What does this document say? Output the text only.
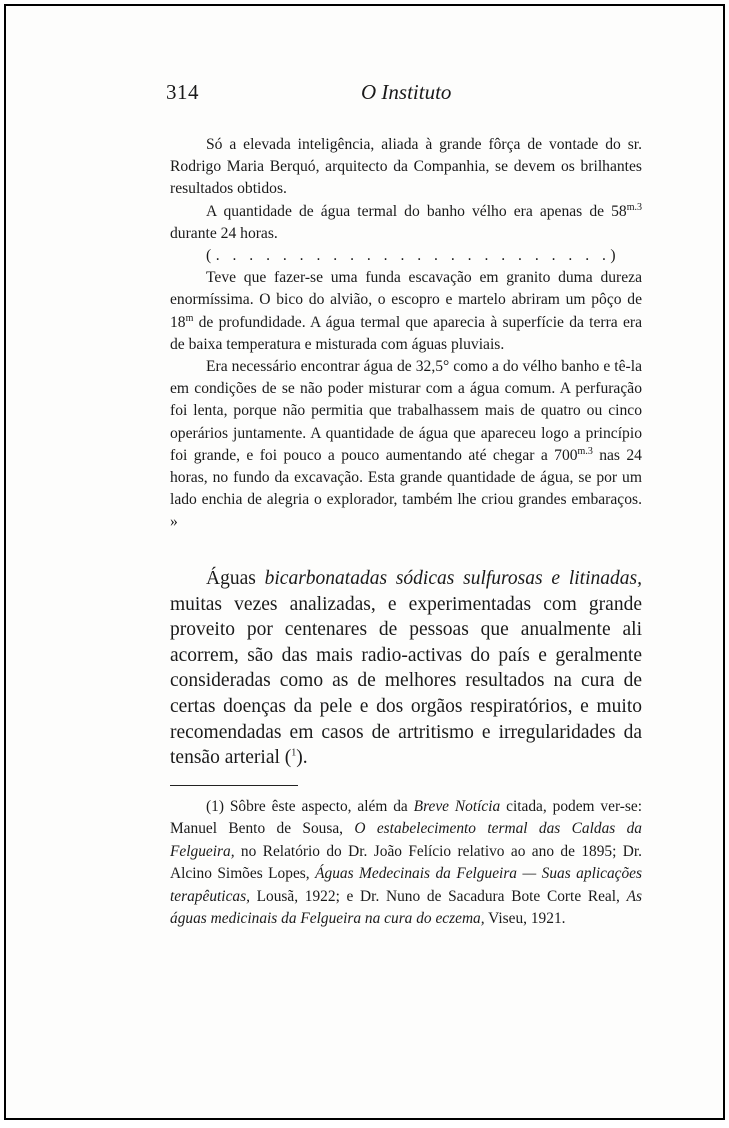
314	O Instituto

Só a elevada inteligência, aliada à grande fôrça de vontade do sr. Rodrigo Maria Berquó, arquitecto da Companhia, se devem os brilhantes resultados obtidos.

A quantidade de água termal do banho vélho era apenas de $58^{m.3}$ durante 24 horas.

(. . . . . . . . . . . . . . . . . . . . . . . .)

Teve que fazer-se uma funda escavação em granito duma dureza enormíssima. O bico do alvião, o escopro e martelo abriram um pôço de 18$^m$ de profundidade. A água termal que aparecia à superfície da terra era de baixa temperatura e misturada com águas pluviais.

Era necessário encontrar água de 32,5° como a do vélho banho e tê-la em condições de se não poder misturar com a água comum. A perfuração foi lenta, porque não permitia que trabalhassem mais de quatro ou cinco operários juntamente. A quantidade de água que apareceu logo a princípio foi grande, e foi pouco a pouco aumentando até chegar a $700^{m.3}$ nas 24 horas, no fundo da excavação. Esta grande quantidade de água, se por um lado enchia de alegria o explorador, também lhe criou grandes embaraços. »

Águas bicarbonatadas sódicas sulfurosas e litinadas, muitas vezes analizadas, e experimentadas com grande proveito por centenares de pessoas que anualmente ali acorrem, são das mais radio-activas do país e geralmente consideradas como as de melhores resultados na cura de certas doenças da pele e dos orgãos respiratórios, e muito recomendadas em casos de artritismo e irregularidades da tensão arterial ($^1$).

(1) Sôbre êste aspecto, além da Breve Notícia citada, podem ver-se: Manuel Bento de Sousa, O estabelecimento termal das Caldas da Felgueira, no Relatório do Dr. João Felício relativo ao ano de 1895; Dr. Alcino Simões Lopes, Águas Medecinais da Felgueira — Suas aplicações terapêuticas, Lousã, 1922; e Dr. Nuno de Sacadura Bote Corte Real, As águas medicinais da Felgueira na cura do eczema, Viseu, 1921.
